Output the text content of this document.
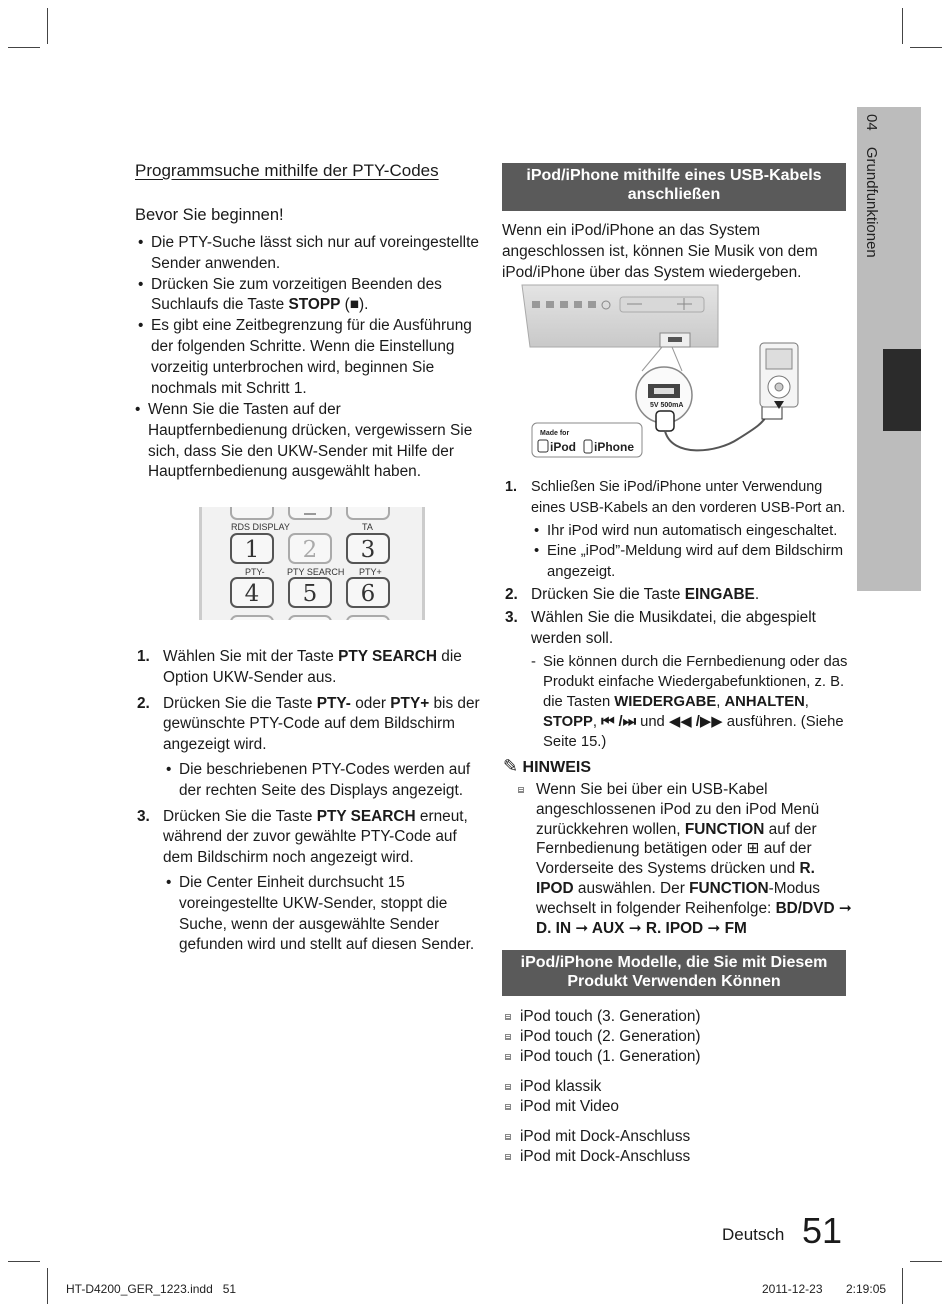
04 Grundfunktionen
Programmsuche mithilfe der PTY-Codes
Bevor Sie beginnen!
• Die PTY-Suche lässt sich nur auf voreingestellte Sender anwenden.
• Drücken Sie zum vorzeitigen Beenden des Suchlaufs die Taste STOPP (■).
• Es gibt eine Zeitbegrenzung für die Ausführung der folgenden Schritte. Wenn die Einstellung vorzeitig unterbrochen wird, beginnen Sie nochmals mit Schritt 1.
• Wenn Sie die Tasten auf der Hauptfernbedienung drücken, vergewissern Sie sich, dass Sie den UKW-Sender mit Hilfe der Hauptfernbedienung ausgewählt haben.
RDS DISPLAY	TA
1	2	3
PTY- PTY SEARCH PTY+
4	5	6
1. Wählen Sie mit der Taste PTY SEARCH die Option UKW-Sender aus.
2. Drücken Sie die Taste PTY- oder PTY+ bis der gewünschte PTY-Code auf dem Bildschirm angezeigt wird.
• Die beschriebenen PTY-Codes werden auf der rechten Seite des Displays angezeigt.
3. Drücken Sie die Taste PTY SEARCH erneut, während der zuvor gewählte PTY-Code auf dem Bildschirm noch angezeigt wird.
• Die Center Einheit durchsucht 15 voreingestellte UKW-Sender, stoppt die Suche, wenn der ausgewählte Sender gefunden wird und stellt auf diesen Sender.
iPod/iPhone mithilfe eines USB-Kabels anschließen
Wenn ein iPod/iPhone an das System angeschlossen ist, können Sie Musik von dem iPod/iPhone über das System wiedergeben.
5V 500mA
Made for
iPod iPhone
1. Schließen Sie iPod/iPhone unter Verwendung eines USB-Kabels an den vorderen USB-Port an.
• Ihr iPod wird nun automatisch eingeschaltet.
• Eine „iPod”-Meldung wird auf dem Bildschirm angezeigt.
2. Drücken Sie die Taste EINGABE.
3. Wählen Sie die Musikdatei, die abgespielt werden soll.
- Sie können durch die Fernbedienung oder das Produkt einfache Wiedergabefunktionen, z. B. die Tasten WIEDERGABE, ANHALTEN, STOPP, ⏮ /⏭ und ◀◀ /▶▶ ausführen. (Siehe Seite 15.)
✎ HINWEIS
Wenn Sie bei über ein USB-Kabel angeschlossenen iPod zu den iPod Menü zurückkehren wollen, FUNCTION auf der Fernbedienung betätigen oder ⊞ auf der Vorderseite des Systems drücken und R. IPOD auswählen. Der FUNCTION-Modus wechselt in folgender Reihenfolge: BD/DVD ➞ D. IN ➞ AUX ➞ R. IPOD ➞ FM
iPod/iPhone Modelle, die Sie mit Diesem Produkt Verwenden Können
iPod touch (3. Generation)
iPod touch (2. Generation)
iPod touch (1. Generation)
iPod klassik
iPod mit Video
iPod mit Dock-Anschluss
iPod mit Dock-Anschluss
Deutsch 51
HT-D4200_GER_1223.indd   51	2011-12-23 2:19:05
